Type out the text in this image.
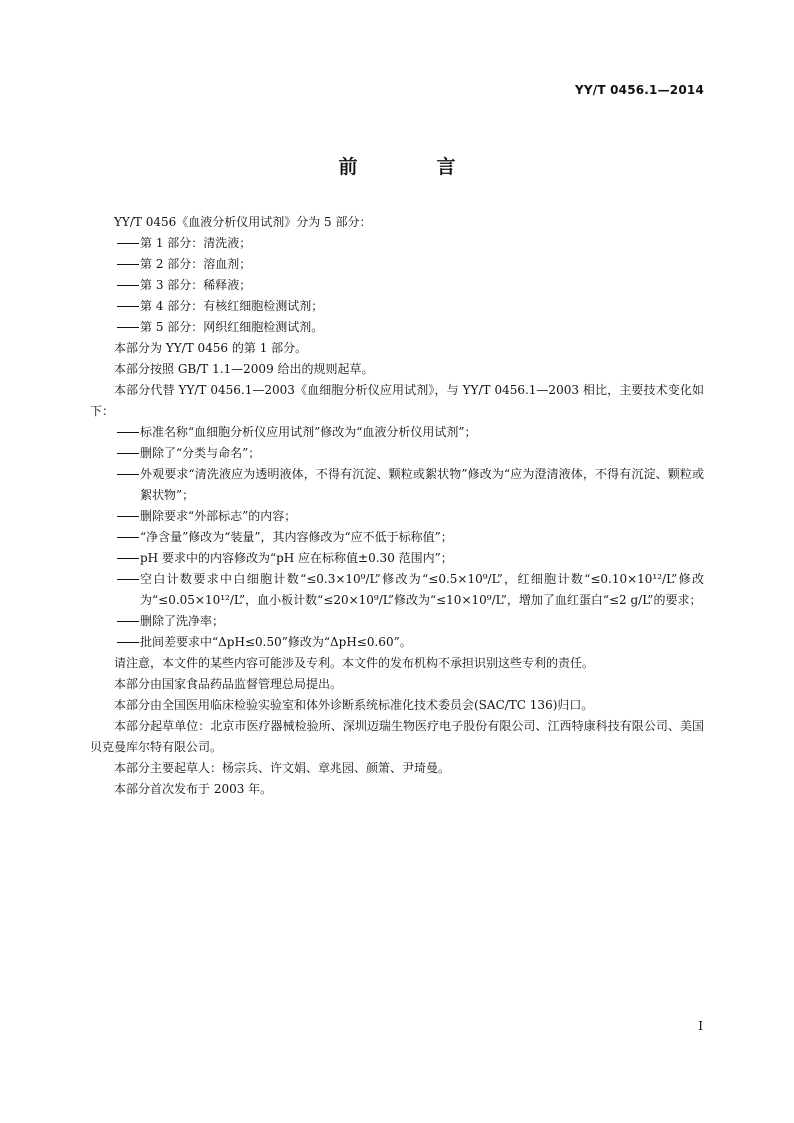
YY/T 0456.1—2014
前　言
YY/T 0456《血液分析仪用试剂》分为 5 部分：
第 1 部分：清洗液；
第 2 部分：溶血剂；
第 3 部分：稀释液；
第 4 部分：有核红细胞检测试剂；
第 5 部分：网织红细胞检测试剂。
本部分为 YY/T 0456 的第 1 部分。
本部分按照 GB/T 1.1—2009 给出的规则起草。
本部分代替 YY/T 0456.1—2003《血细胞分析仪应用试剂》，与 YY/T 0456.1—2003 相比，主要技术变化如下：
标准名称“血细胞分析仪应用试剂”修改为“血液分析仪用试剂”；
删除了“分类与命名”；
外观要求“清洗液应为透明液体，不得有沉淀、颗粒或絮状物”修改为“应为澄清液体，不得有沉淀、颗粒或絮状物”；
删除要求“外部标志”的内容；
“净含量”修改为“装量”，其内容修改为“应不低于标称值”；
pH 要求中的内容修改为“pH 应在标称值±0.30 范围内”；
空白计数要求中白细胞计数“≤0.3×10⁹/L”修改为“≤0.5×10⁹/L”，红细胞计数“≤0.10×10¹²/L”修改为“≤0.05×10¹²/L”，血小板计数“≤20×10⁹/L”修改为“≤10×10⁹/L”，增加了血红蛋白“≤2 g/L”的要求；
删除了洗净率；
批间差要求中“ΔpH≤0.50”修改为“ΔpH≤0.60”。
请注意，本文件的某些内容可能涉及专利。本文件的发布机构不承担识别这些专利的责任。
本部分由国家食品药品监督管理总局提出。
本部分由全国医用临床检验实验室和体外诊断系统标准化技术委员会(SAC/TC 136)归口。
本部分起草单位：北京市医疗器械检验所、深圳迈瑞生物医疗电子股份有限公司、江西特康科技有限公司、美国贝克曼库尔特有限公司。
本部分主要起草人：杨宗兵、许文娟、章兆园、颜箫、尹琦曼。
本部分首次发布于 2003 年。
I
